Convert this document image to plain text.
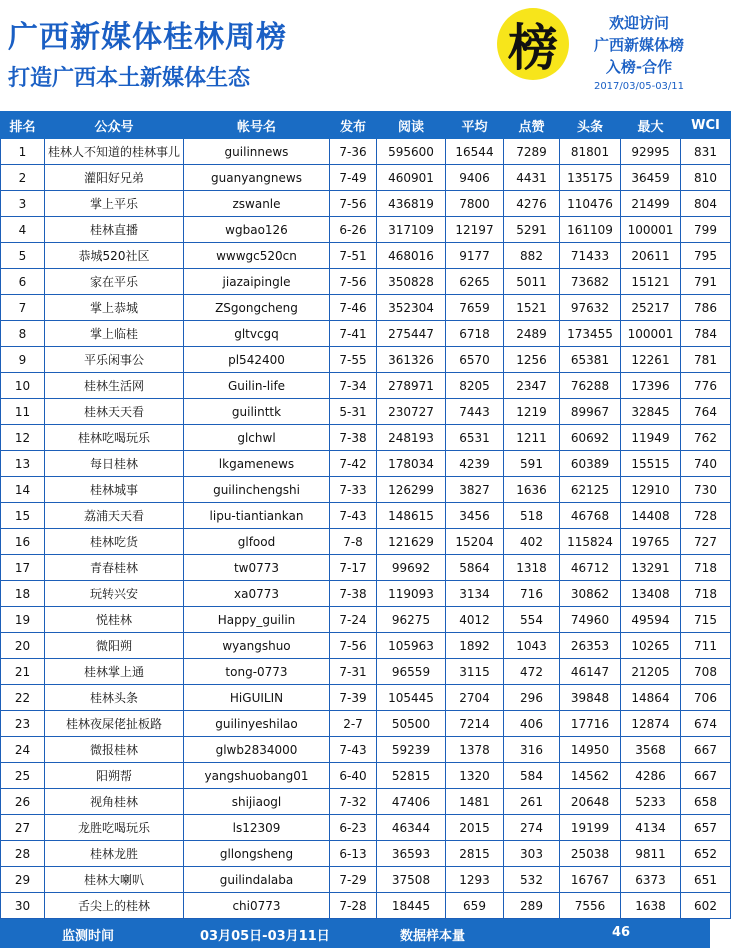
广西新媒体桂林周榜
打造广西本土新媒体生态
榜	欢迎访问
广西新媒体榜
入榜-合作
2017/03/05-03/11
排名	公众号	帐号名	发布	阅读	平均	点赞	头条	最大	WCI
1	桂林人不知道的桂林事儿	guilinnews	7-36	595600	16544	7289	81801	92995	831
2	灌阳好兄弟	guanyangnews	7-49	460901	9406	4431	135175	36459	810
3	掌上平乐	zswanle	7-56	436819	7800	4276	110476	21499	804
4	桂林直播	wgbao126	6-26	317109	12197	5291	161109	100001	799
5	恭城520社区	wwwgc520cn	7-51	468016	9177	882	71433	20611	795
6	家在平乐	jiazaipingle	7-56	350828	6265	5011	73682	15121	791
7	掌上恭城	ZSgongcheng	7-46	352304	7659	1521	97632	25217	786
8	掌上临桂	gltvcgq	7-41	275447	6718	2489	173455	100001	784
9	平乐闲事公	pl542400	7-55	361326	6570	1256	65381	12261	781
10	桂林生活网	Guilin-life	7-34	278971	8205	2347	76288	17396	776
11	桂林天天看	guilinttk	5-31	230727	7443	1219	89967	32845	764
12	桂林吃喝玩乐	glchwl	7-38	248193	6531	1211	60692	11949	762
13	每日桂林	lkgamenews	7-42	178034	4239	591	60389	15515	740
14	桂林城事	guilinchengshi	7-33	126299	3827	1636	62125	12910	730
15	荔浦天天看	lipu-tiantiankan	7-43	148615	3456	518	46768	14408	728
16	桂林吃货	glfood	7-8	121629	15204	402	115824	19765	727
17	青春桂林	tw0773	7-17	99692	5864	1318	46712	13291	718
18	玩转兴安	xa0773	7-38	119093	3134	716	30862	13408	718
19	悦桂林	Happy_guilin	7-24	96275	4012	554	74960	49594	715
20	微阳朔	wyangshuo	7-56	105963	1892	1043	26353	10265	711
21	桂林掌上通	tong-0773	7-31	96559	3115	472	46147	21205	708
22	桂林头条	HiGUILIN	7-39	105445	2704	296	39848	14864	706
23	桂林夜屎佬扯板路	guilinyeshilao	2-7	50500	7214	406	17716	12874	674
24	微报桂林	glwb2834000	7-43	59239	1378	316	14950	3568	667
25	阳朔帮	yangshuobang01	6-40	52815	1320	584	14562	4286	667
26	视角桂林	shijiaogl	7-32	47406	1481	261	20648	5233	658
27	龙胜吃喝玩乐	ls12309	6-23	46344	2015	274	19199	4134	657
28	桂林龙胜	gllongsheng	6-13	36593	2815	303	25038	9811	652
29	桂林大喇叭	guilindalaba	7-29	37508	1293	532	16767	6373	651
30	舌尖上的桂林	chi0773	7-28	18445	659	289	7556	1638	602
监测时间	03月05日-03月11日	数据样本量	46
